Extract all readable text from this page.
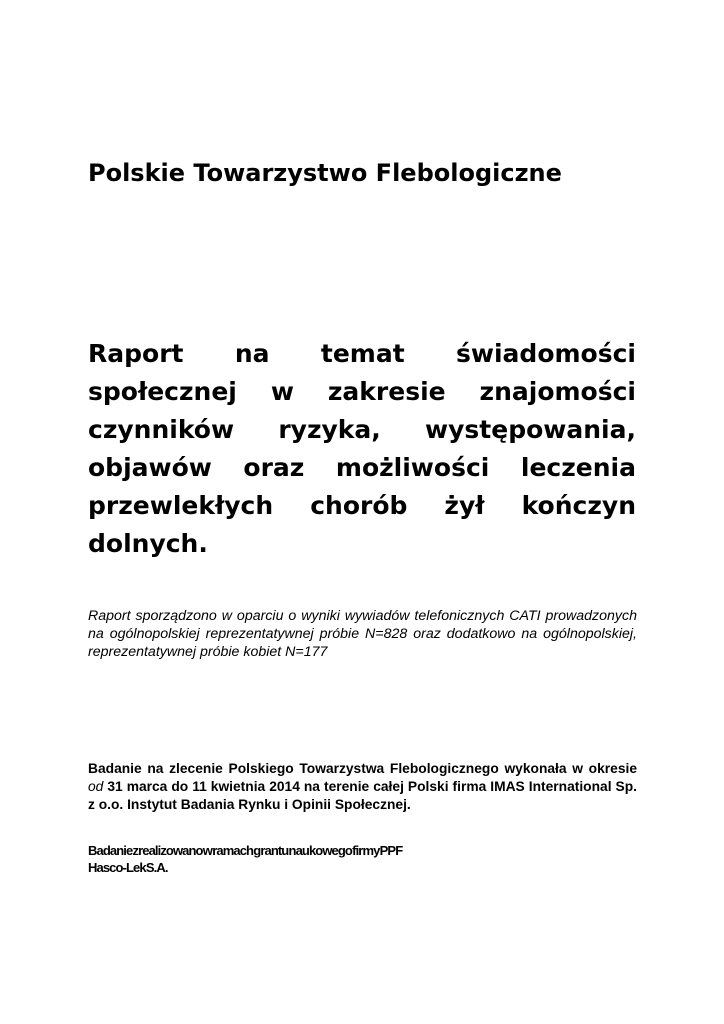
Polskie Towarzystwo Flebologiczne
Raport na temat świadomości społecznej w zakresie znajomości czynników ryzyka, występowania, objawów oraz możliwości leczenia przewlekłych chorób żył kończyn dolnych.

Raport sporządzono w oparciu o wyniki wywiadów telefonicznych CATI prowadzonych na ogólnopolskiej reprezentatywnej próbie N=828 oraz dodatkowo na ogólnopolskiej, reprezentatywnej próbie kobiet N=177

Badanie na zlecenie Polskiego Towarzystwa Flebologicznego wykonała w okresie od 31 marca do 11 kwietnia 2014 na terenie całej Polski firma IMAS International Sp. z o.o. Instytut Badania Rynku i Opinii Społecznej.

Badanie zrealizowano w ramach grantu naukowego firmy PPF
Hasco-Lek S.A.
